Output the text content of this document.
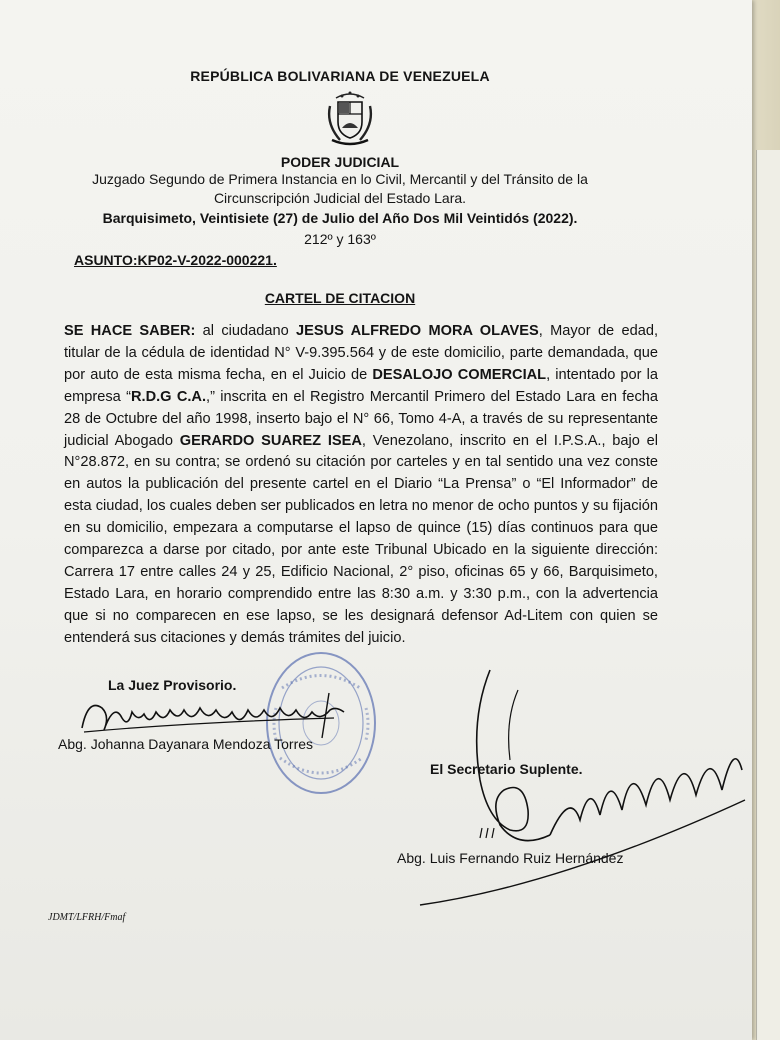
REPÚBLICA BOLIVARIANA DE VENEZUELA
PODER JUDICIAL
Juzgado Segundo de Primera Instancia en lo Civil, Mercantil y del Tránsito de la
Circunscripción Judicial del Estado Lara.
Barquisimeto, Veintisiete (27) de Julio del Año Dos Mil Veintidós (2022).
212º y 163º
ASUNTO:KP02-V-2022-000221.
CARTEL DE CITACION
SE HACE SABER: al ciudadano JESUS ALFREDO MORA OLAVES, Mayor de edad, titular de la cédula de identidad N° V-9.395.564 y de este domicilio, parte demandada, que por auto de esta misma fecha, en el Juicio de DESALOJO COMERCIAL, intentado por la empresa “R.D.G C.A.,” inscrita en el Registro Mercantil Primero del Estado Lara en fecha 28 de Octubre del año 1998, inserto bajo el N° 66, Tomo 4-A, a través de su representante judicial Abogado GERARDO SUAREZ ISEA, Venezolano, inscrito en el I.P.S.A., bajo el N°28.872, en su contra; se ordenó su citación por carteles y en tal sentido una vez conste en autos la publicación del presente cartel en el Diario “La Prensa” o “El Informador” de esta ciudad, los cuales deben ser publicados en letra no menor de ocho puntos y su fijación en su domicilio, empezara a computarse el lapso de quince (15) días continuos para que comparezca a darse por citado, por ante este Tribunal Ubicado en la siguiente dirección: Carrera 17 entre calles 24 y 25, Edificio Nacional, 2° piso, oficinas 65 y 66, Barquisimeto, Estado Lara, en horario comprendido entre las 8:30 a.m. y 3:30 p.m., con la advertencia que si no comparecen en ese lapso, se les designará defensor Ad-Litem con quien se entenderá sus citaciones y demás trámites del juicio.
La Juez Provisorio.
Abg. Johanna Dayanara Mendoza Torres
El Secretario Suplente.
Abg. Luis Fernando Ruiz Hernández
JDMT/LFRH/Fmaf
